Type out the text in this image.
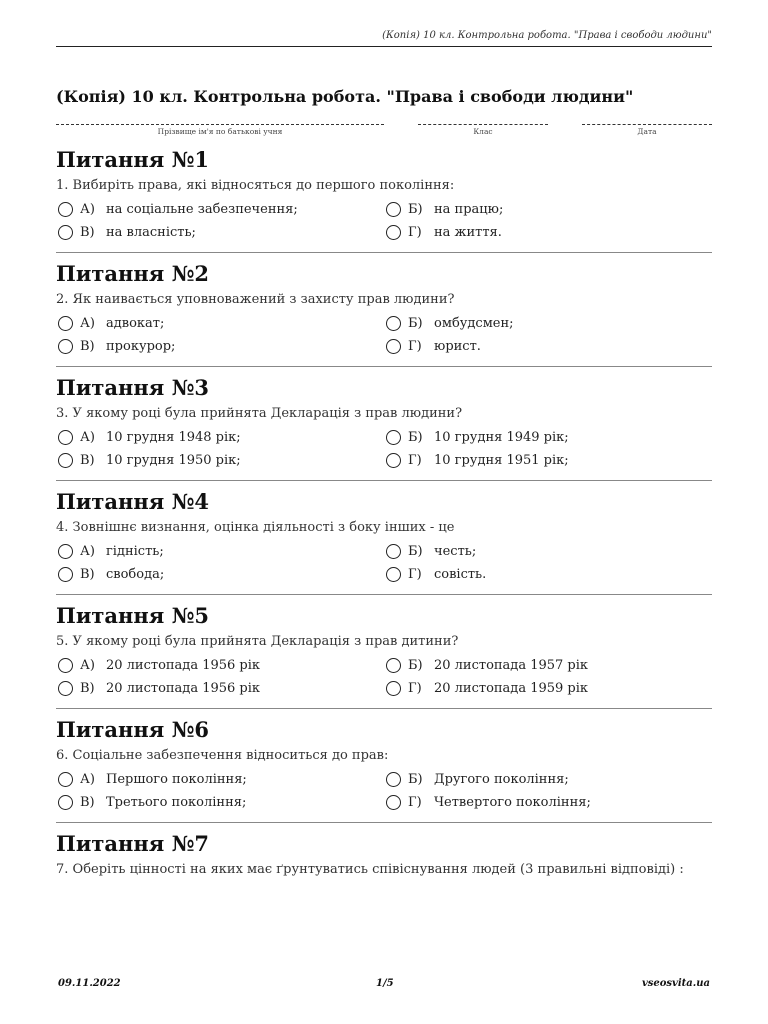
(Копія) 10 кл. Контрольна робота. "Права і свободи людини"
(Копія) 10 кл. Контрольна робота. "Права і свободи людини"
Прізвище ім'я по батькові учня	Клас	Дата
Питання №1
1. Вибиріть права, які відносяться до першого покоління:
А) на соціальне забезпечення;	Б) на працю;
В) на власність;	Г) на життя.
Питання №2
2. Як наивається уповноважений з захисту прав людини?
А) адвокат;	Б) омбудсмен;
В) прокурор;	Г) юрист.
Питання №3
3. У якому році була прийнята Декларація з прав людини?
А) 10 грудня 1948 рік;	Б) 10 грудня 1949 рік;
В) 10 грудня 1950 рік;	Г) 10 грудня 1951 рік;
Питання №4
4. Зовнішнє визнання, оцінка діяльності з боку інших - це
А) гідність;	Б) честь;
В) свобода;	Г) совість.
Питання №5
5. У якому році була прийнята Декларація з прав дитини?
А) 20 листопада 1956 рік	Б) 20 листопада 1957 рік
В) 20 листопада 1956 рік	Г) 20 листопада 1959 рік
Питання №6
6. Соціальне забезпечення відноситься до прав:
А) Першого покоління;	Б) Другого покоління;
В) Третього покоління;	Г) Четвертого покоління;
Питання №7
7. Оберіть цінності на яких має ґрунтуватись співіснування людей (3 правильні відповіді) :
09.11.2022	1/5	vseosvita.ua
